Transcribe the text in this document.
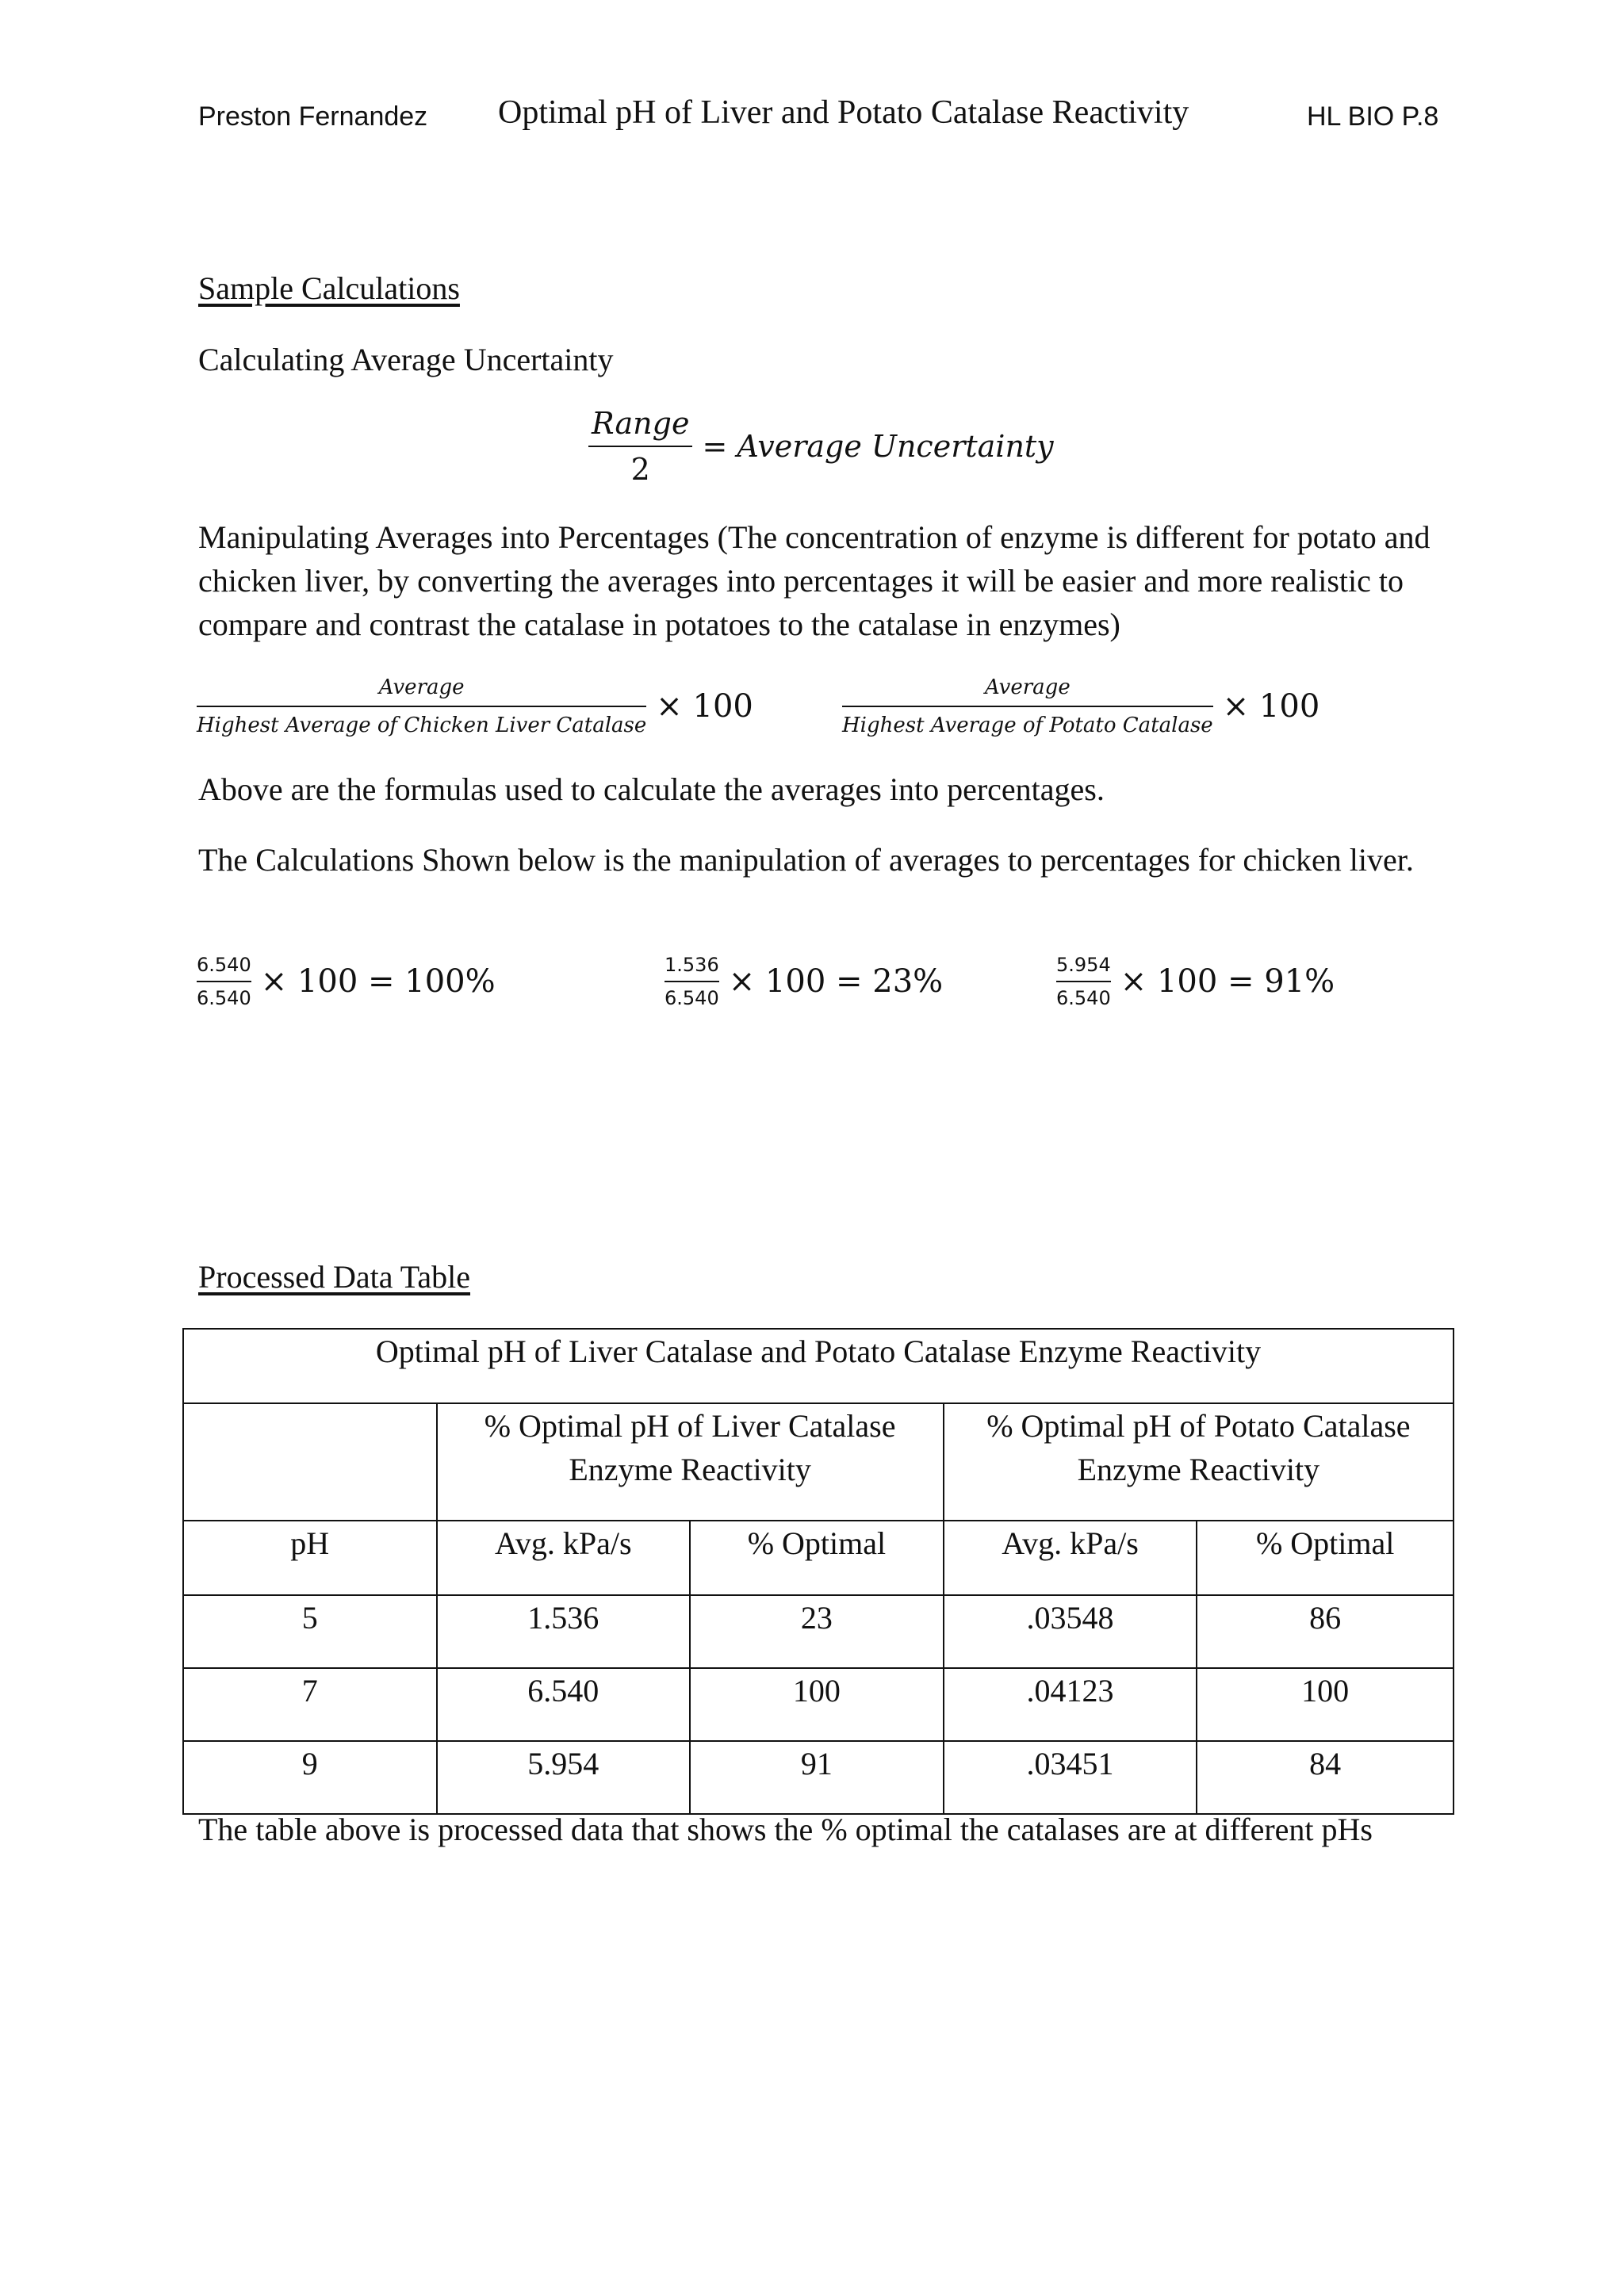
Preston Fernandez Optimal pH of Liver and Potato Catalase Reactivity	HL BIO P.8
Sample Calculations
Calculating Average Uncertainty
$\frac{\text{Range}}{2}$ = Average Uncertainty
Manipulating Averages into Percentages (The concentration of enzyme is different for potato and chicken liver, by converting the averages into percentages it will be easier and more realistic to compare and contrast the catalase in potatoes to the catalase in enzymes)
$\frac{\text{Average}}{\text{Highest Average of Chicken Liver Catalase}} \times 100$	$\frac{\text{Average}}{\text{Highest Average of Potato Catalase}} \times 100$
Above are the formulas used to calculate the averages into percentages.
The Calculations Shown below is the manipulation of averages to percentages for chicken liver.
$\frac{6.540}{6.540} \times 100 = 100\%$	$\frac{1.536}{6.540} \times 100 = 23\%$	$\frac{5.954}{6.540} \times 100 = 91\%$
Processed Data Table
Optimal pH of Liver Catalase and Potato Catalase Enzyme Reactivity				
	% Optimal pH of Liver Catalase Enzyme Reactivity		% Optimal pH of Potato Catalase Enzyme Reactivity	
pH	Avg. kPa/s	% Optimal	Avg. kPa/s	% Optimal
5	1.536	23	.03548	86
7	6.540	100	.04123	100
9	5.954	91	.03451	84
The table above is processed data that shows the % optimal the catalases are at different pHs
